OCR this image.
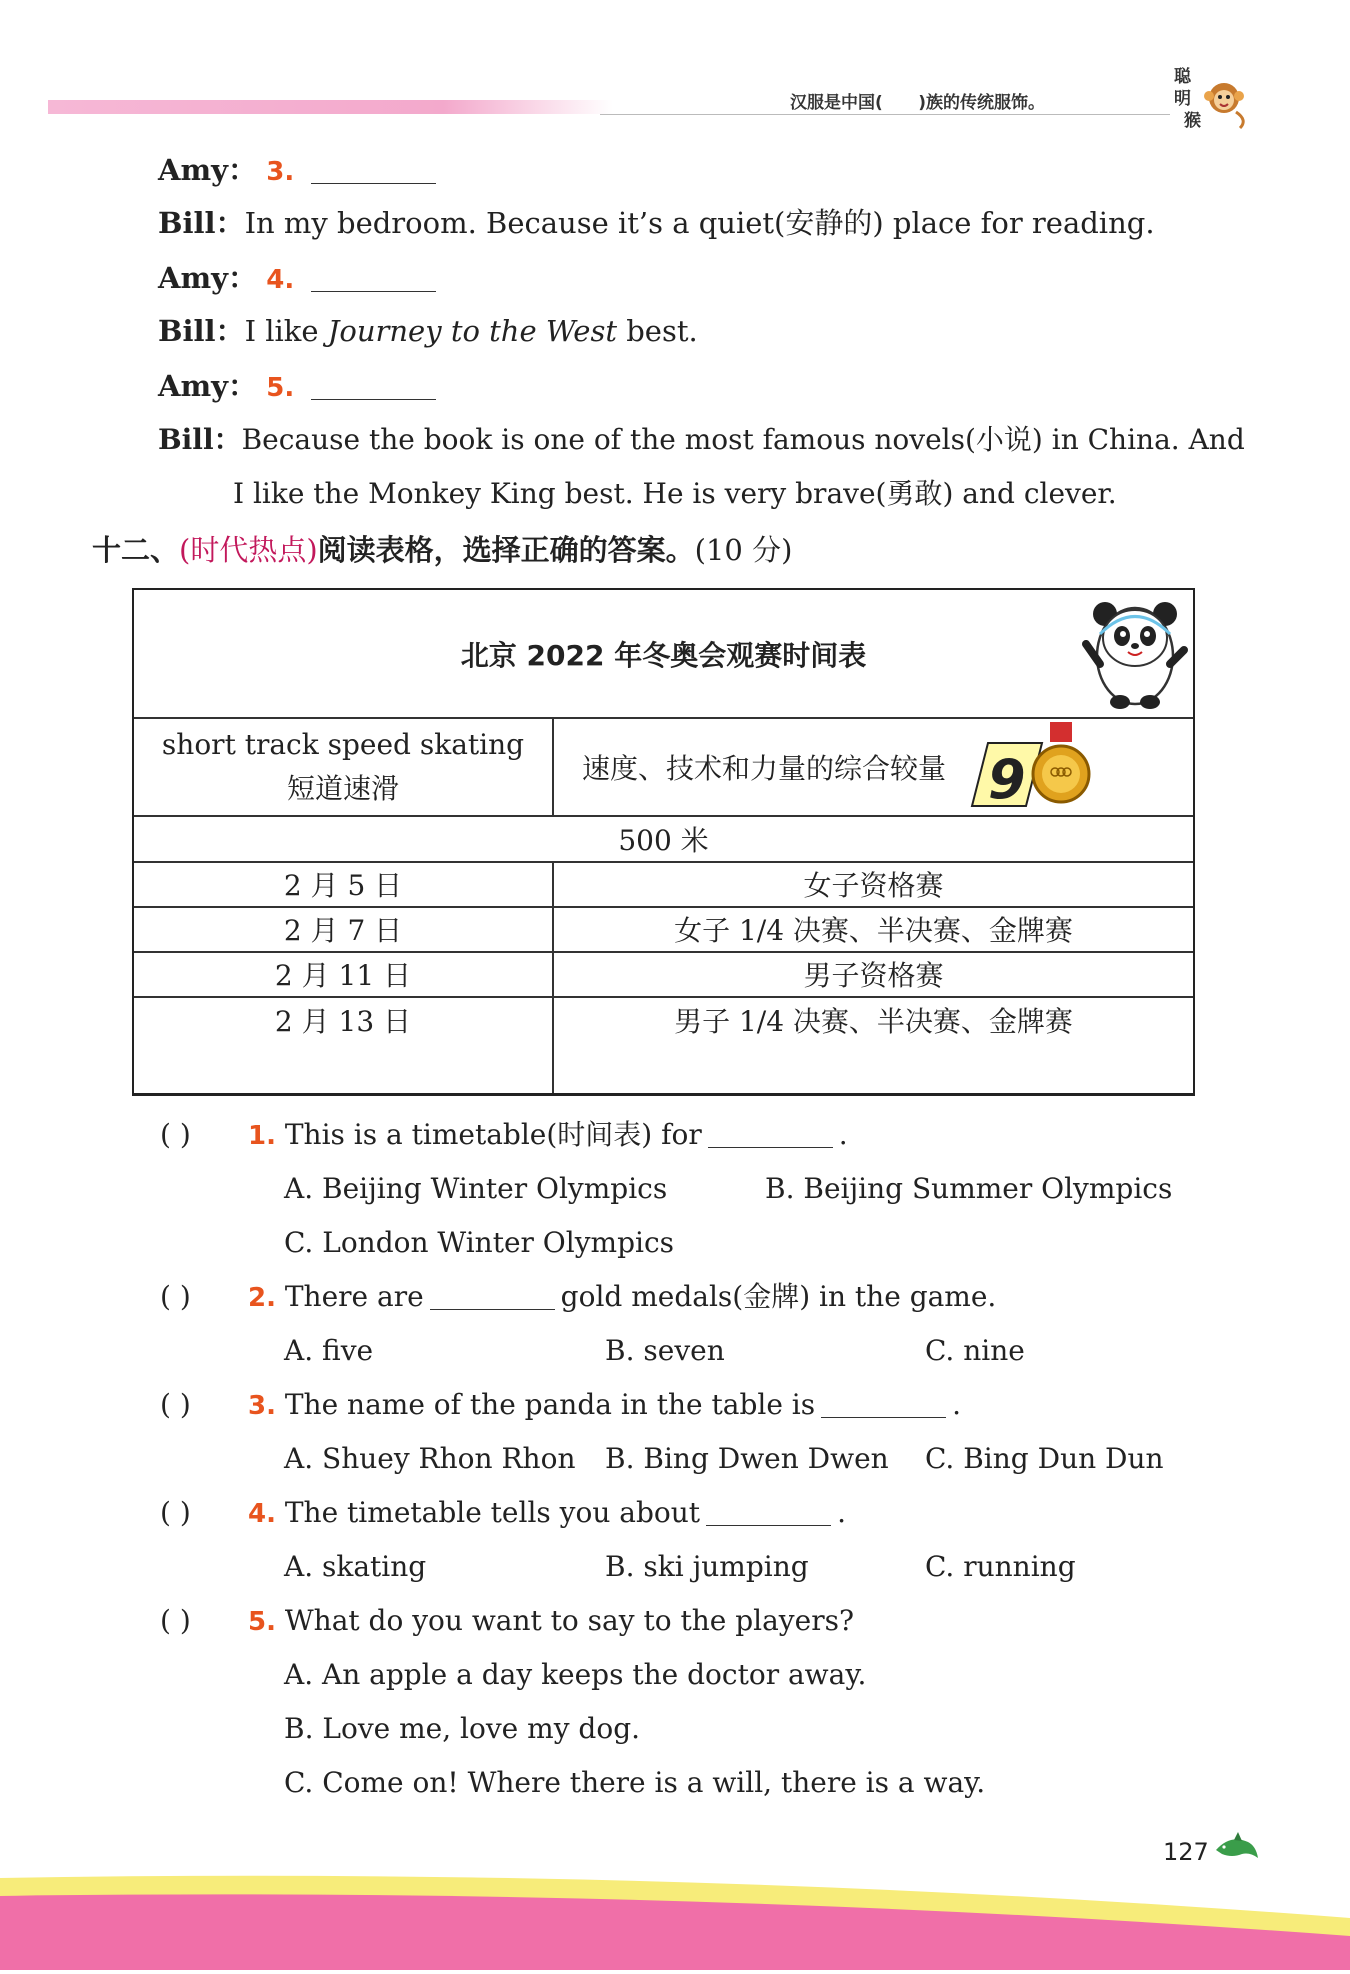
汉服是中国(      )族的传统服饰。
聪
明
猴
Amy： 3.
Bill：In my bedroom. Because it’s a quiet(安静的) place for reading.
Amy： 4.
Bill：I like Journey to the West best.
Amy： 5.
Bill：Because the book is one of the most famous novels(小说) in China. And
I like the Monkey King best. He is very brave(勇敢) and clever.
十二、(时代热点)阅读表格，选择正确的答案。(10 分)
北京 2022 年冬奥会观赛时间表
short track speed skating
短道速滑
速度、技术和力量的综合较量 9
500 米
2 月 5 日	女子资格赛
2 月 7 日	女子 1/4 决赛、半决赛、金牌赛
2 月 11 日	男子资格赛
2 月 13 日	男子 1/4 决赛、半决赛、金牌赛
( ) 1. This is a timetable(时间表) for	.
A. Beijing Winter Olympics	B. Beijing Summer Olympics
C. London Winter Olympics
( ) 2. There are	gold medals(金牌) in the game.
A. five	B. seven	C. nine
( ) 3. The name of the panda in the table is	.
A. Shuey Rhon Rhon B. Bing Dwen Dwen C. Bing Dun Dun
( ) 4. The timetable tells you about	.
A. skating	B. ski jumping	C. running
( ) 5. What do you want to say to the players?
A. An apple a day keeps the doctor away.
B. Love me, love my dog.
C. Come on! Where there is a will, there is a way.
127
